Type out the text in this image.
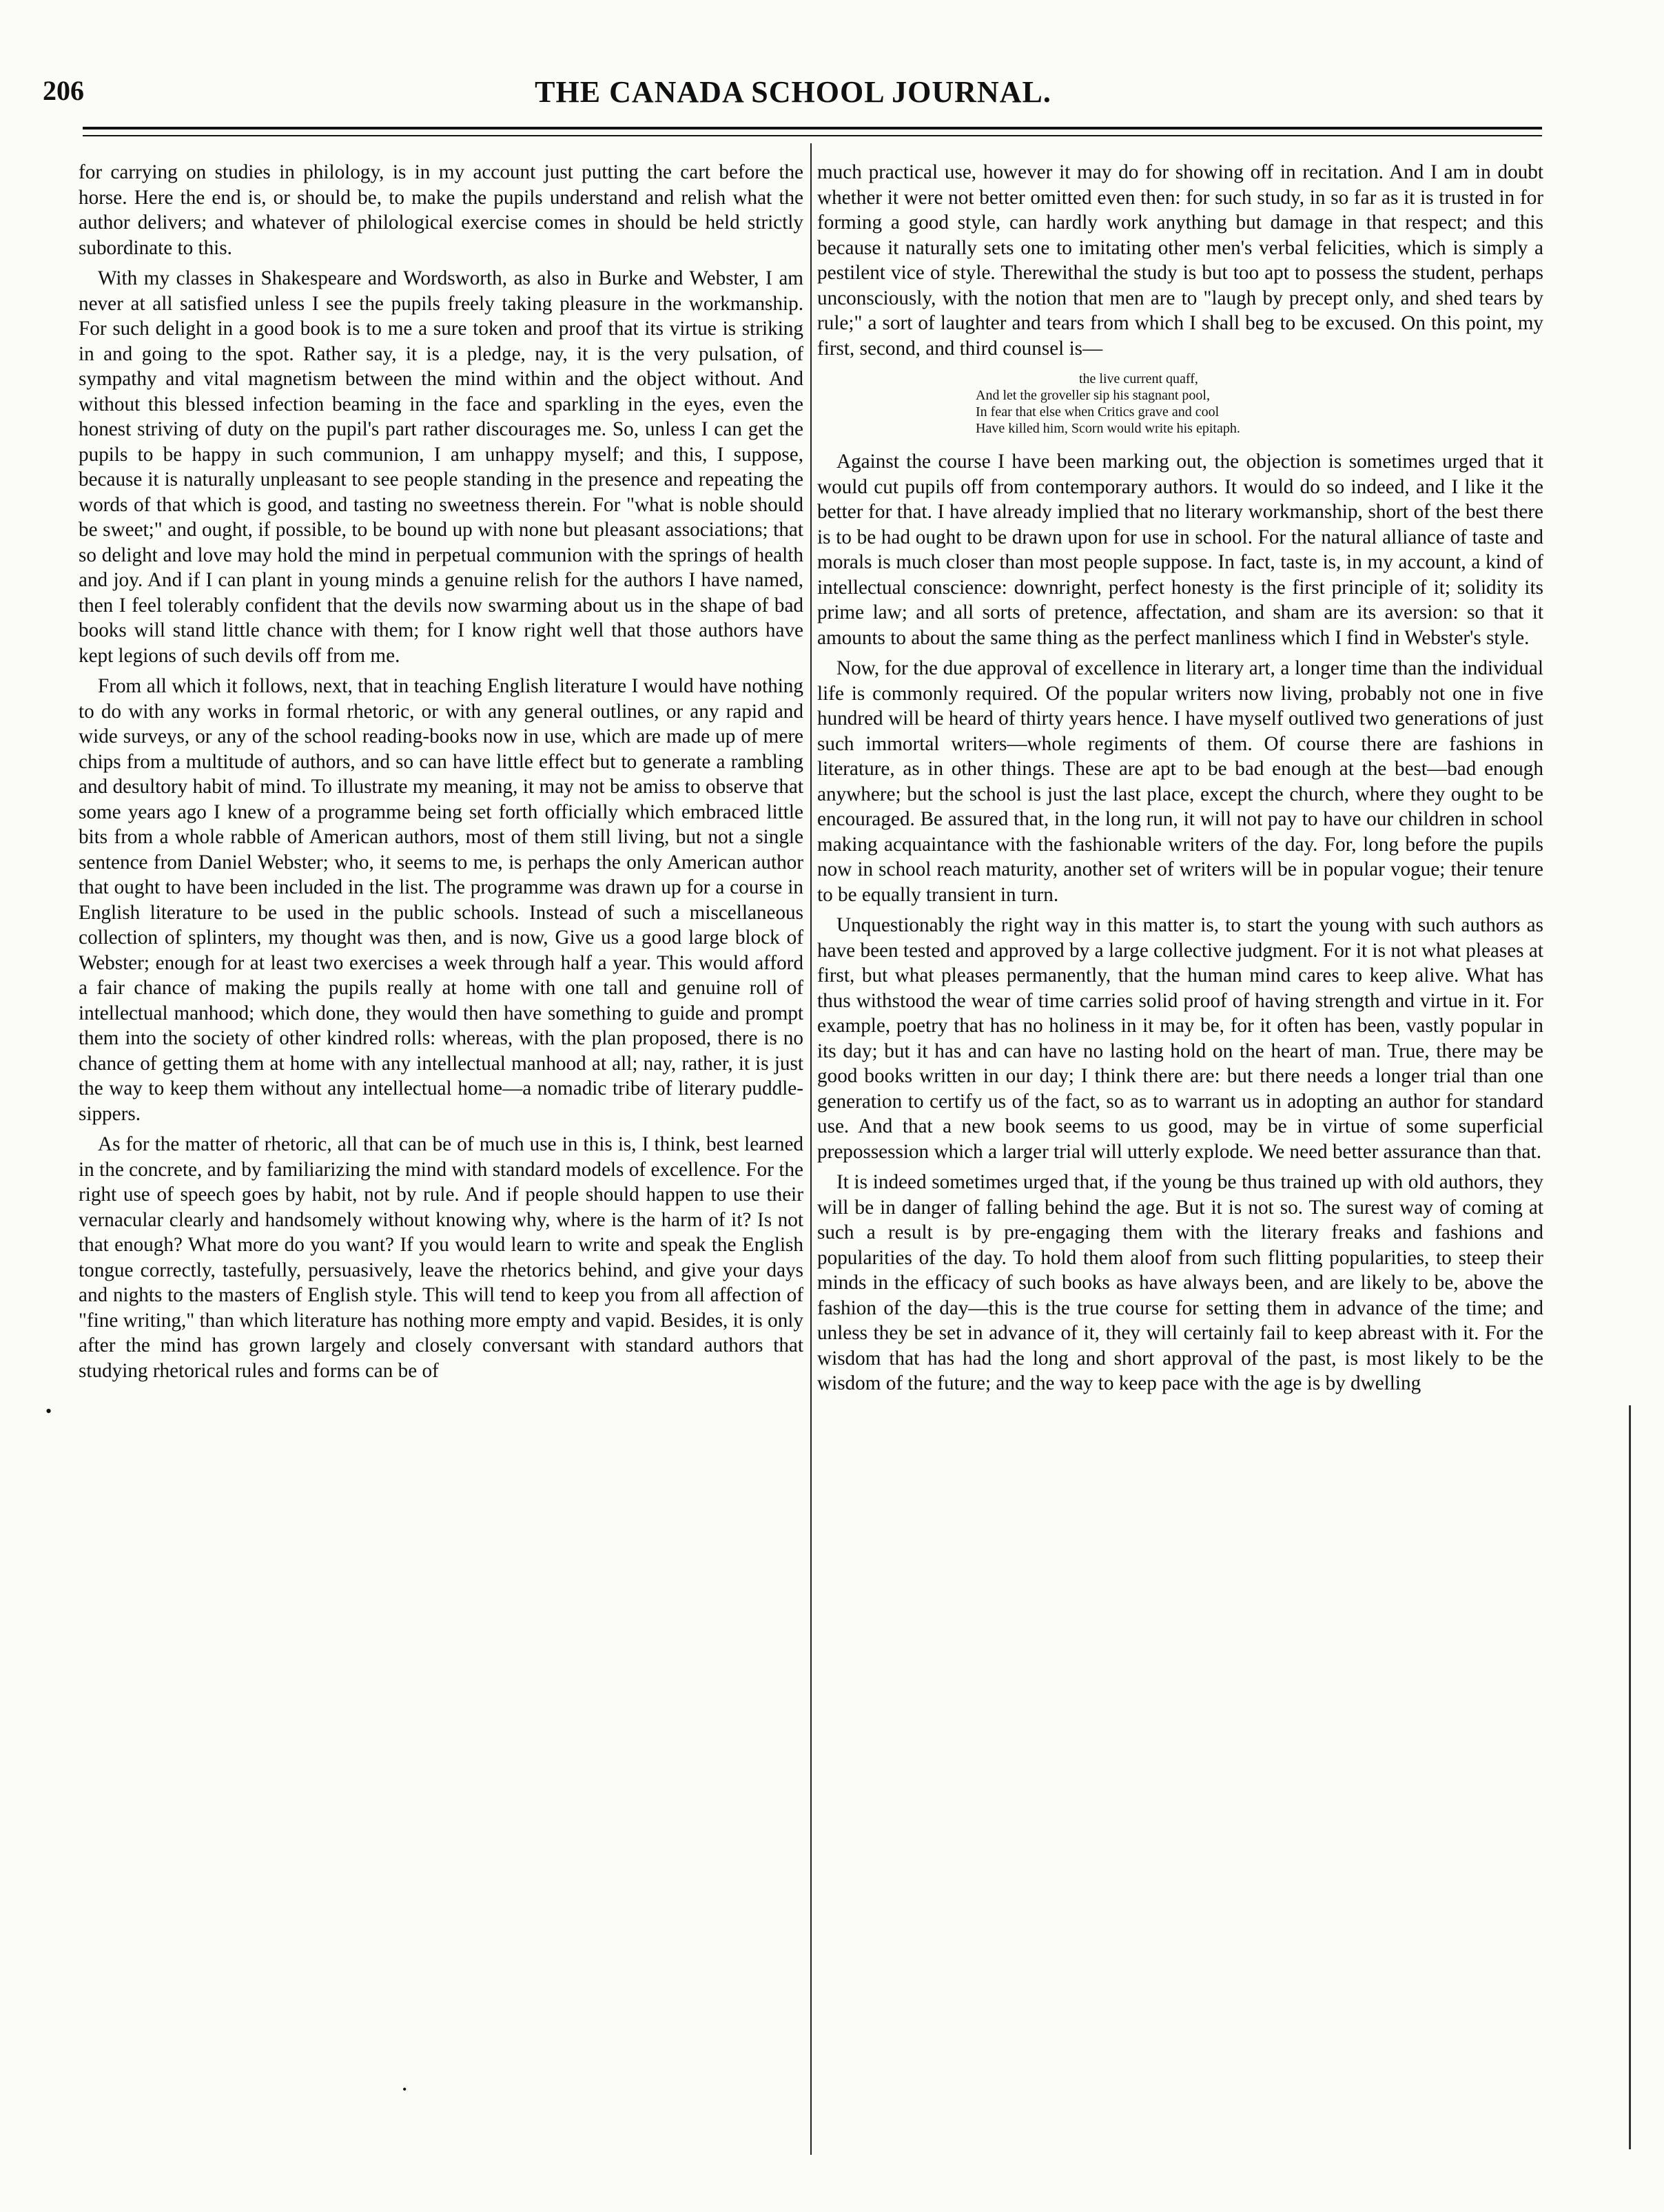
206	THE CANADA SCHOOL JOURNAL.

for carrying on studies in philology, is in my account just putting the cart before the horse. Here the end is, or should be, to make the pupils understand and relish what the author delivers; and whatever of philological exercise comes in should be held strictly subordinate to this.

With my classes in Shakespeare and Wordsworth, as also in Burke and Webster, I am never at all satisfied unless I see the pupils freely taking pleasure in the workmanship. For such delight in a good book is to me a sure token and proof that its virtue is striking in and going to the spot. Rather say, it is a pledge, nay, it is the very pulsation, of sympathy and vital magnetism between the mind within and the object without. And without this blessed infection beaming in the face and sparkling in the eyes, even the honest striving of duty on the pupil's part rather discourages me. So, unless I can get the pupils to be happy in such communion, I am unhappy myself; and this, I suppose, because it is naturally unpleasant to see people standing in the presence and repeating the words of that which is good, and tasting no sweetness therein. For "what is noble should be sweet;" and ought, if possible, to be bound up with none but pleasant associations; that so delight and love may hold the mind in perpetual communion with the springs of health and joy. And if I can plant in young minds a genuine relish for the authors I have named, then I feel tolerably confident that the devils now swarming about us in the shape of bad books will stand little chance with them; for I know right well that those authors have kept legions of such devils off from me.

From all which it follows, next, that in teaching English literature I would have nothing to do with any works in formal rhetoric, or with any general outlines, or any rapid and wide surveys, or any of the school reading-books now in use, which are made up of mere chips from a multitude of authors, and so can have little effect but to generate a rambling and desultory habit of mind. To illustrate my meaning, it may not be amiss to observe that some years ago I knew of a programme being set forth officially which embraced little bits from a whole rabble of American authors, most of them still living, but not a single sentence from Daniel Webster; who, it seems to me, is perhaps the only American author that ought to have been included in the list. The programme was drawn up for a course in English literature to be used in the public schools. Instead of such a miscellaneous collection of splinters, my thought was then, and is now, Give us a good large block of Webster; enough for at least two exercises a week through half a year. This would afford a fair chance of making the pupils really at home with one tall and genuine roll of intellectual manhood; which done, they would then have something to guide and prompt them into the society of other kindred rolls: whereas, with the plan proposed, there is no chance of getting them at home with any intellectual manhood at all; nay, rather, it is just the way to keep them without any intellectual home—a nomadic tribe of literary puddle-sippers.

As for the matter of rhetoric, all that can be of much use in this is, I think, best learned in the concrete, and by familiarizing the mind with standard models of excellence. For the right use of speech goes by habit, not by rule. And if people should happen to use their vernacular clearly and handsomely without knowing why, where is the harm of it? Is not that enough? What more do you want? If you would learn to write and speak the English tongue correctly, tastefully, persuasively, leave the rhetorics behind, and give your days and nights to the masters of English style. This will tend to keep you from all affection of "fine writing," than which literature has nothing more empty and vapid. Besides, it is only after the mind has grown largely and closely conversant with standard authors that studying rhetorical rules and forms can be of

much practical use, however it may do for showing off in recitation. And I am in doubt whether it were not better omitted even then: for such study, in so far as it is trusted in for forming a good style, can hardly work anything but damage in that respect; and this because it naturally sets one to imitating other men's verbal felicities, which is simply a pestilent vice of style. Therewithal the study is but too apt to possess the student, perhaps unconsciously, with the notion that men are to "laugh by precept only, and shed tears by rule;" a sort of laughter and tears from which I shall beg to be excused. On this point, my first, second, and third counsel is—

the live current quaff,
And let the groveller sip his stagnant pool,
In fear that else when Critics grave and cool
Have killed him, Scorn would write his epitaph.

Against the course I have been marking out, the objection is sometimes urged that it would cut pupils off from contemporary authors. It would do so indeed, and I like it the better for that. I have already implied that no literary workmanship, short of the best there is to be had ought to be drawn upon for use in school. For the natural alliance of taste and morals is much closer than most people suppose. In fact, taste is, in my account, a kind of intellectual conscience: downright, perfect honesty is the first principle of it; solidity its prime law; and all sorts of pretence, affectation, and sham are its aversion: so that it amounts to about the same thing as the perfect manliness which I find in Webster's style.

Now, for the due approval of excellence in literary art, a longer time than the individual life is commonly required. Of the popular writers now living, probably not one in five hundred will be heard of thirty years hence. I have myself outlived two generations of just such immortal writers—whole regiments of them. Of course there are fashions in literature, as in other things. These are apt to be bad enough at the best—bad enough anywhere; but the school is just the last place, except the church, where they ought to be encouraged. Be assured that, in the long run, it will not pay to have our children in school making acquaintance with the fashionable writers of the day. For, long before the pupils now in school reach maturity, another set of writers will be in popular vogue; their tenure to be equally transient in turn.

Unquestionably the right way in this matter is, to start the young with such authors as have been tested and approved by a large collective judgment. For it is not what pleases at first, but what pleases permanently, that the human mind cares to keep alive. What has thus withstood the wear of time carries solid proof of having strength and virtue in it. For example, poetry that has no holiness in it may be, for it often has been, vastly popular in its day; but it has and can have no lasting hold on the heart of man. True, there may be good books written in our day; I think there are: but there needs a longer trial than one generation to certify us of the fact, so as to warrant us in adopting an author for standard use. And that a new book seems to us good, may be in virtue of some superficial prepossession which a larger trial will utterly explode. We need better assurance than that.

It is indeed sometimes urged that, if the young be thus trained up with old authors, they will be in danger of falling behind the age. But it is not so. The surest way of coming at such a result is by pre-engaging them with the literary freaks and fashions and popularities of the day. To hold them aloof from such flitting popularities, to steep their minds in the efficacy of such books as have always been, and are likely to be, above the fashion of the day—this is the true course for setting them in advance of the time; and unless they be set in advance of it, they will certainly fail to keep abreast with it. For the wisdom that has had the long and short approval of the past, is most likely to be the wisdom of the future; and the way to keep pace with the age is by dwelling

•
•
